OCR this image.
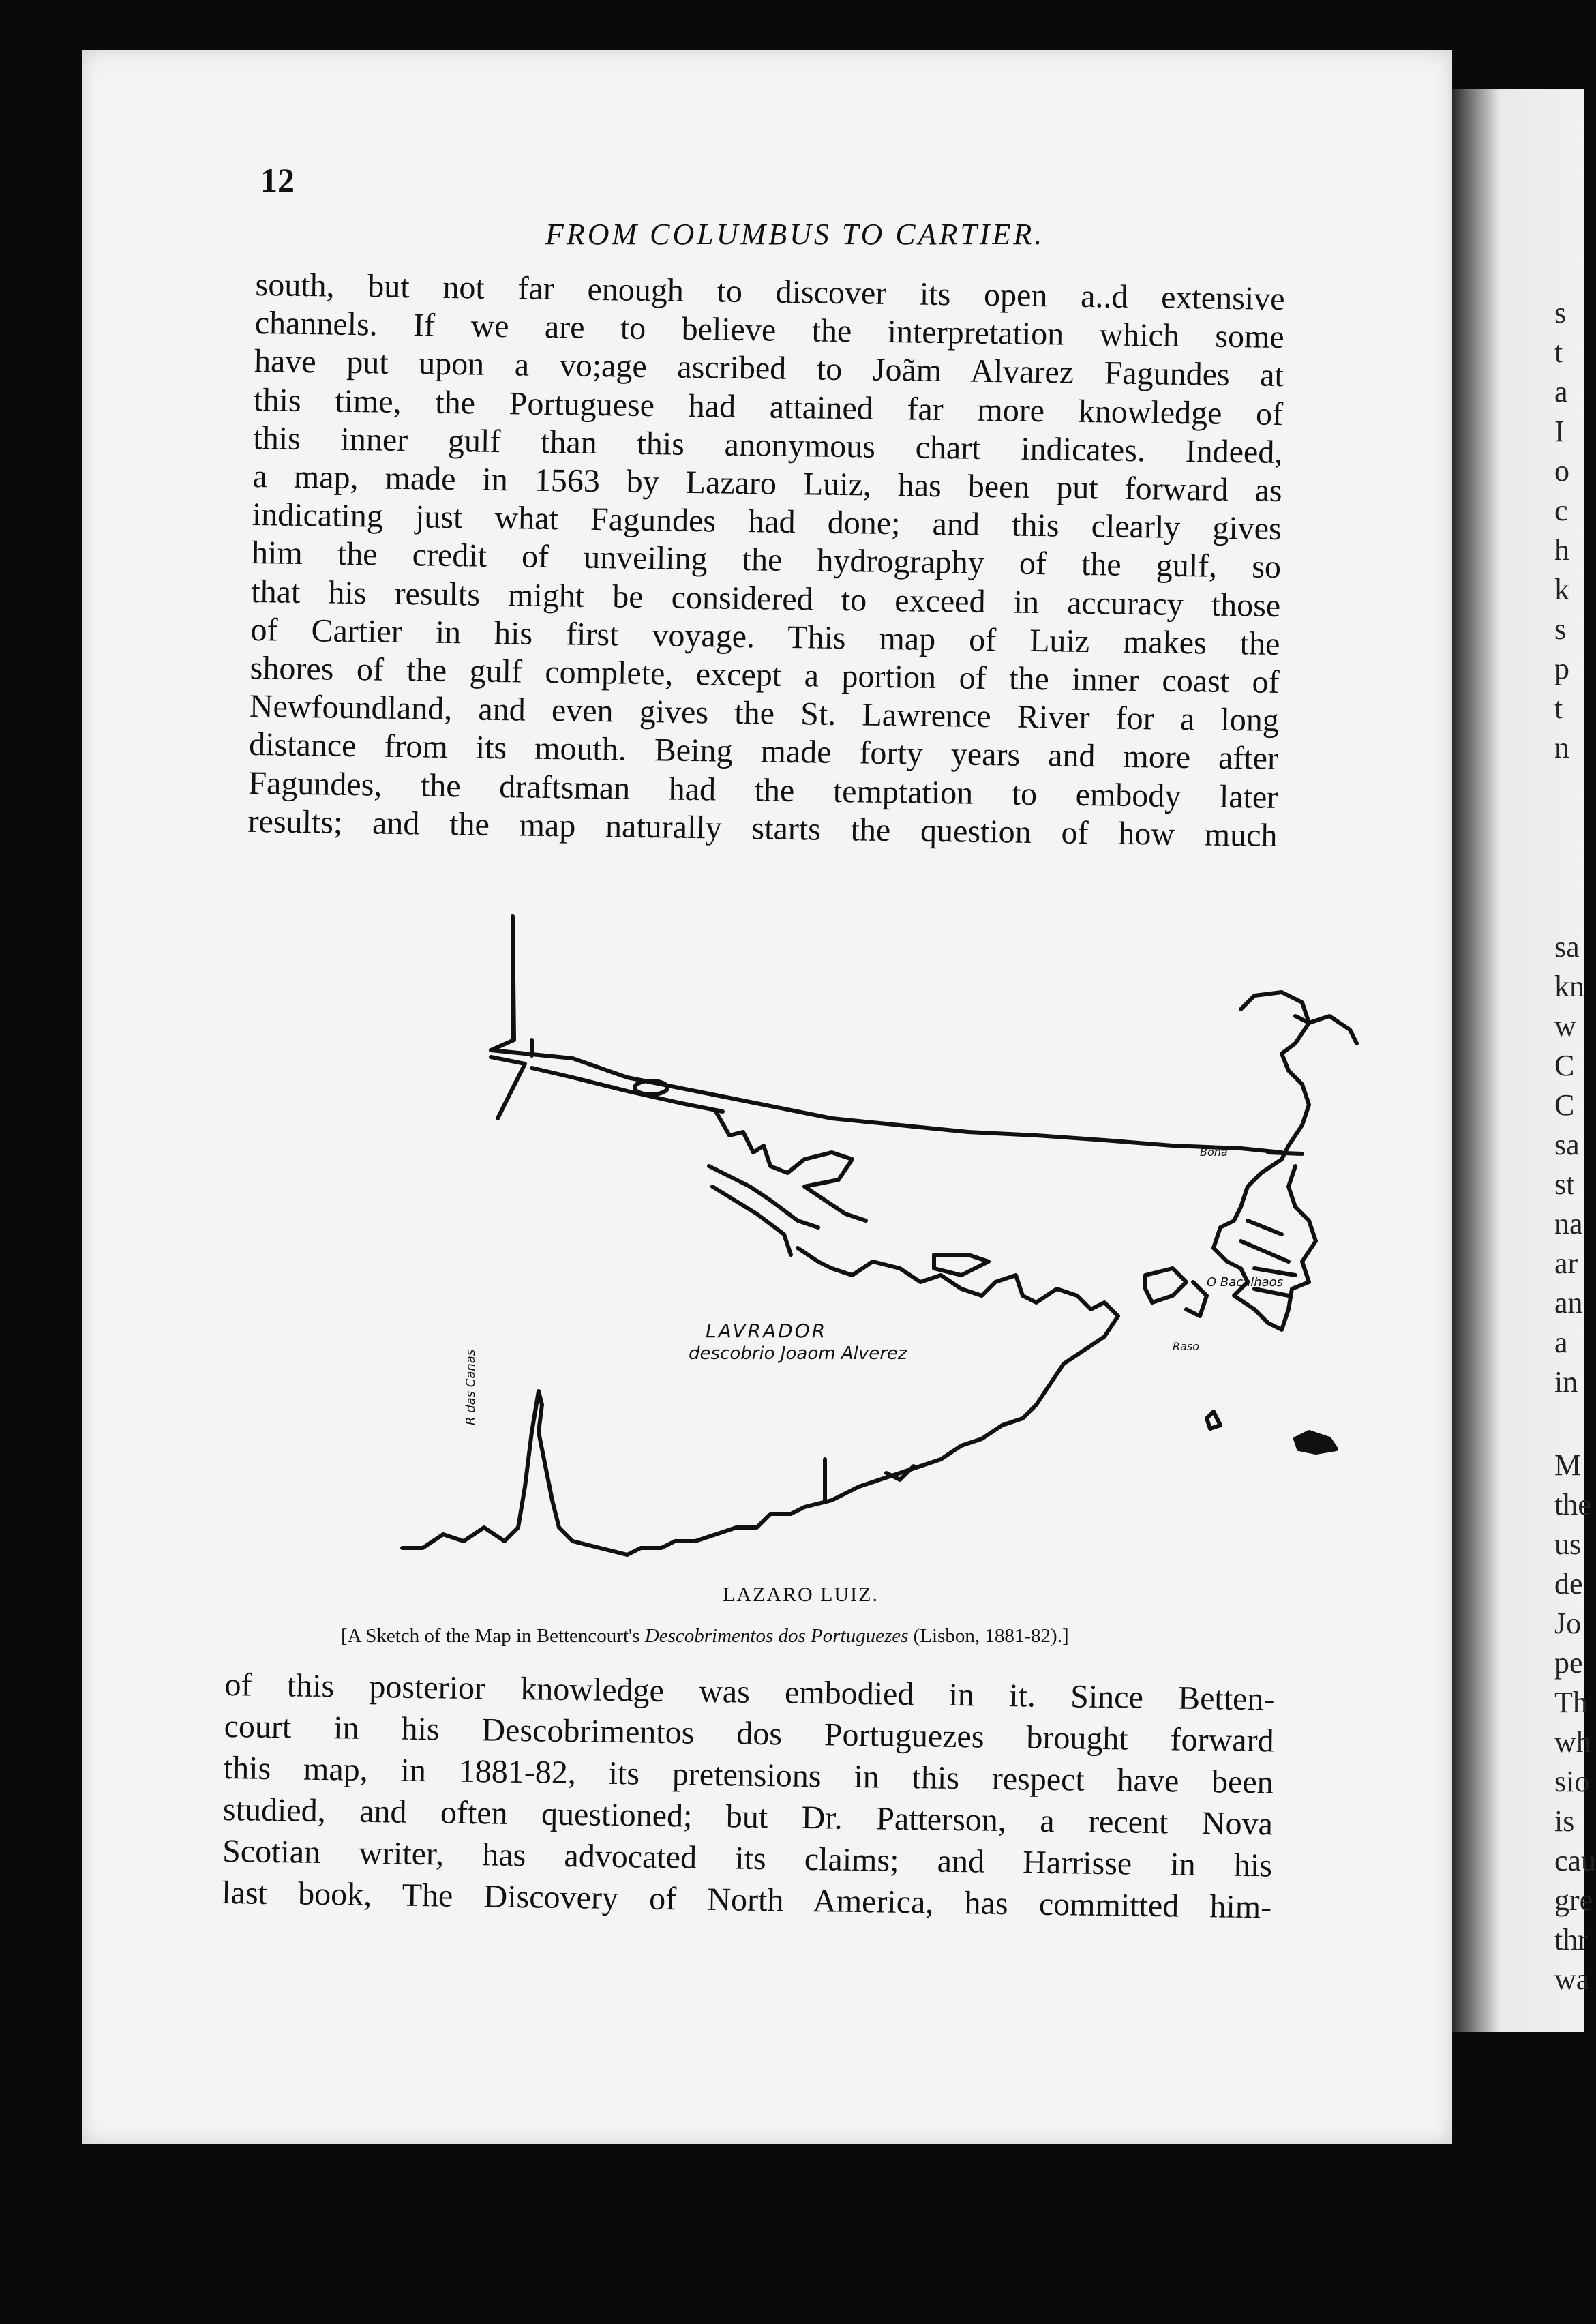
s
t
a
I
o
c
h
k
s
p
t
n
sa
kn
w
C
C
sa
st
na
ar
an
a
in
M
the
us
de
Jo
pe
Th
wh
sio
is
cau
gre
thr
wa
12
FROM COLUMBUS TO CARTIER.
south, but not far enough to discover its open a..d extensive
channels. If we are to believe the interpretation which some
have put upon a vo;age ascribed to Joãm Alvarez Fagundes at
this time, the Portuguese had attained far more knowledge of
this inner gulf than this anonymous chart indicates. Indeed,
a map, made in 1563 by Lazaro Luiz, has been put forward as
indicating just what Fagundes had done; and this clearly gives
him the credit of unveiling the hydrography of the gulf, so
that his results might be considered to exceed in accuracy those
of Cartier in his first voyage. This map of Luiz makes the
shores of the gulf complete, except a portion of the inner coast of
Newfoundland, and even gives the St. Lawrence River for a long
distance from its mouth. Being made forty years and more after
Fagundes, the draftsman had the temptation to embody later
results; and the map naturally starts the question of how much
LAVRADOR
descobrio Joaom Alverez
O Bacalhaos
Raso
Bona
R das Canas
LAZARO LUIZ.
[A Sketch of the Map in Bettencourt's Descobrimentos dos Portuguezes (Lisbon, 1881-82).]
of this posterior knowledge was embodied in it. Since Betten-
court in his Descobrimentos dos Portuguezes brought forward
this map, in 1881-82, its pretensions in this respect have been
studied, and often questioned; but Dr. Patterson, a recent Nova
Scotian writer, has advocated its claims; and Harrisse in his
last book, The Discovery of North America, has committed him-
